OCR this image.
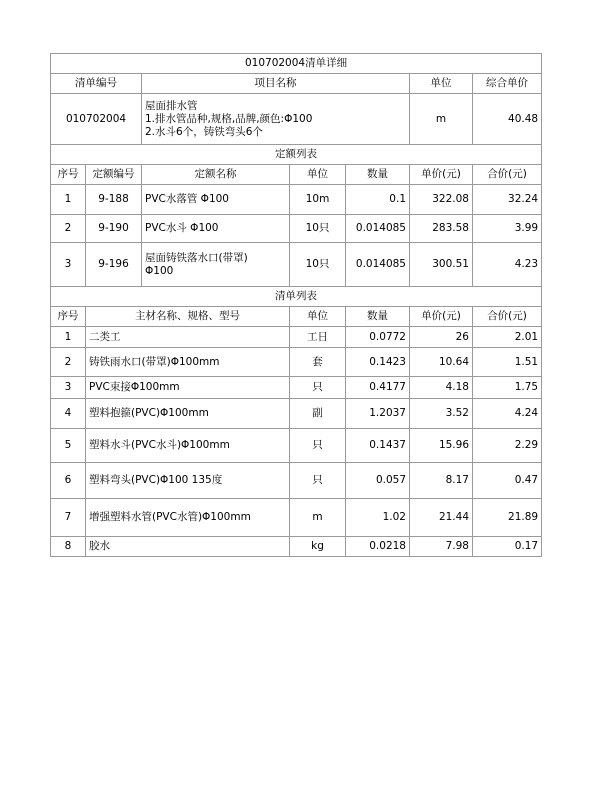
010702004清单详细						
清单编号		项目名称			单位	综合单价
010702004		屋面排水管
1.排水管品种,规格,品牌,颜色:Φ100
2.水斗6个，铸铁弯头6个			m	40.48
定额列表						
序号	定额编号	定额名称	单位	数量	单价(元)	合价(元)
1	9-188	PVC水落管 Φ100	10m	0.1	322.08	32.24
2	9-190	PVC水斗 Φ100	10只	0.014085	283.58	3.99
3	9-196	屋面铸铁落水口(带罩)
Φ100	10只	0.014085	300.51	4.23
清单列表						
序号	主材名称、规格、型号		单位	数量	单价(元)	合价(元)
1	二类工		工日	0.0772	26	2.01
2	铸铁雨水口(带罩)Φ100mm		套	0.1423	10.64	1.51
3	PVC束接Φ100mm		只	0.4177	4.18	1.75
4	塑料抱箍(PVC)Φ100mm		副	1.2037	3.52	4.24
5	塑料水斗(PVC水斗)Φ100mm		只	0.1437	15.96	2.29
6	塑料弯头(PVC)Φ100 135度		只	0.057	8.17	0.47
7	增强塑料水管(PVC水管)Φ100mm		m	1.02	21.44	21.89
8	胶水		kg	0.0218	7.98	0.17
